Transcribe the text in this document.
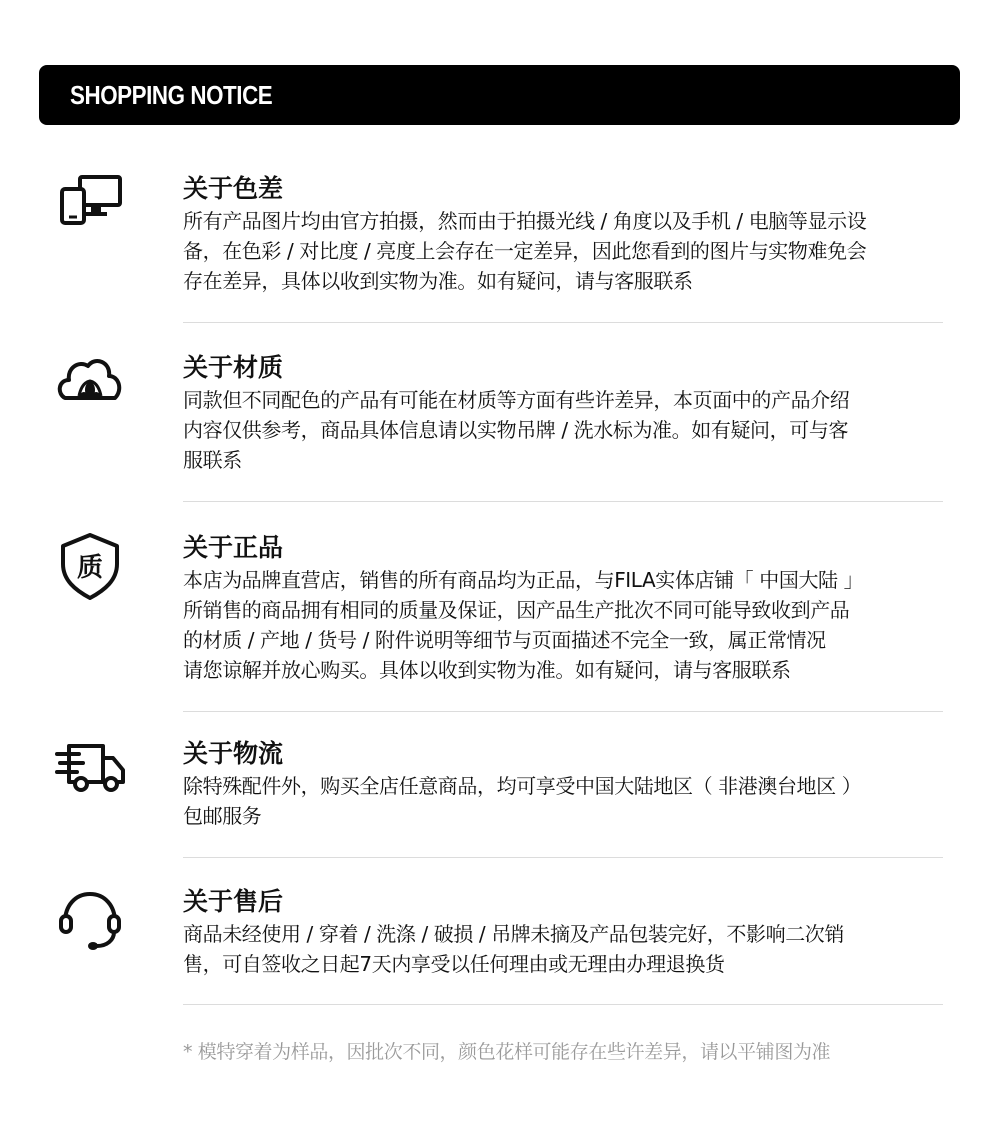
SHOPPING NOTICE
关于色差
所有产品图片均由官方拍摄，然而由于拍摄光线 / 角度以及手机 / 电脑等显示设
备，在色彩 / 对比度 / 亮度上会存在一定差异，因此您看到的图片与实物难免会
存在差异，具体以收到实物为准。如有疑问，请与客服联系
关于材质
同款但不同配色的产品有可能在材质等方面有些许差异，本页面中的产品介绍
内容仅供参考，商品具体信息请以实物吊牌 / 洗水标为准。如有疑问，可与客
服联系
质
关于正品
本店为品牌直营店，销售的所有商品均为正品，与FILA实体店铺「 中国大陆 」
所销售的商品拥有相同的质量及保证，因产品生产批次不同可能导致收到产品
的材质 / 产地 / 货号 / 附件说明等细节与页面描述不完全一致，属正常情况
请您谅解并放心购买。具体以收到实物为准。如有疑问，请与客服联系
关于物流
除特殊配件外，购买全店任意商品，均可享受中国大陆地区（ 非港澳台地区 ）
包邮服务
关于售后
商品未经使用 / 穿着 / 洗涤 / 破损 / 吊牌未摘及产品包装完好，不影响二次销
售，可自签收之日起7天内享受以任何理由或无理由办理退换货
* 模特穿着为样品，因批次不同，颜色花样可能存在些许差异，请以平铺图为准
